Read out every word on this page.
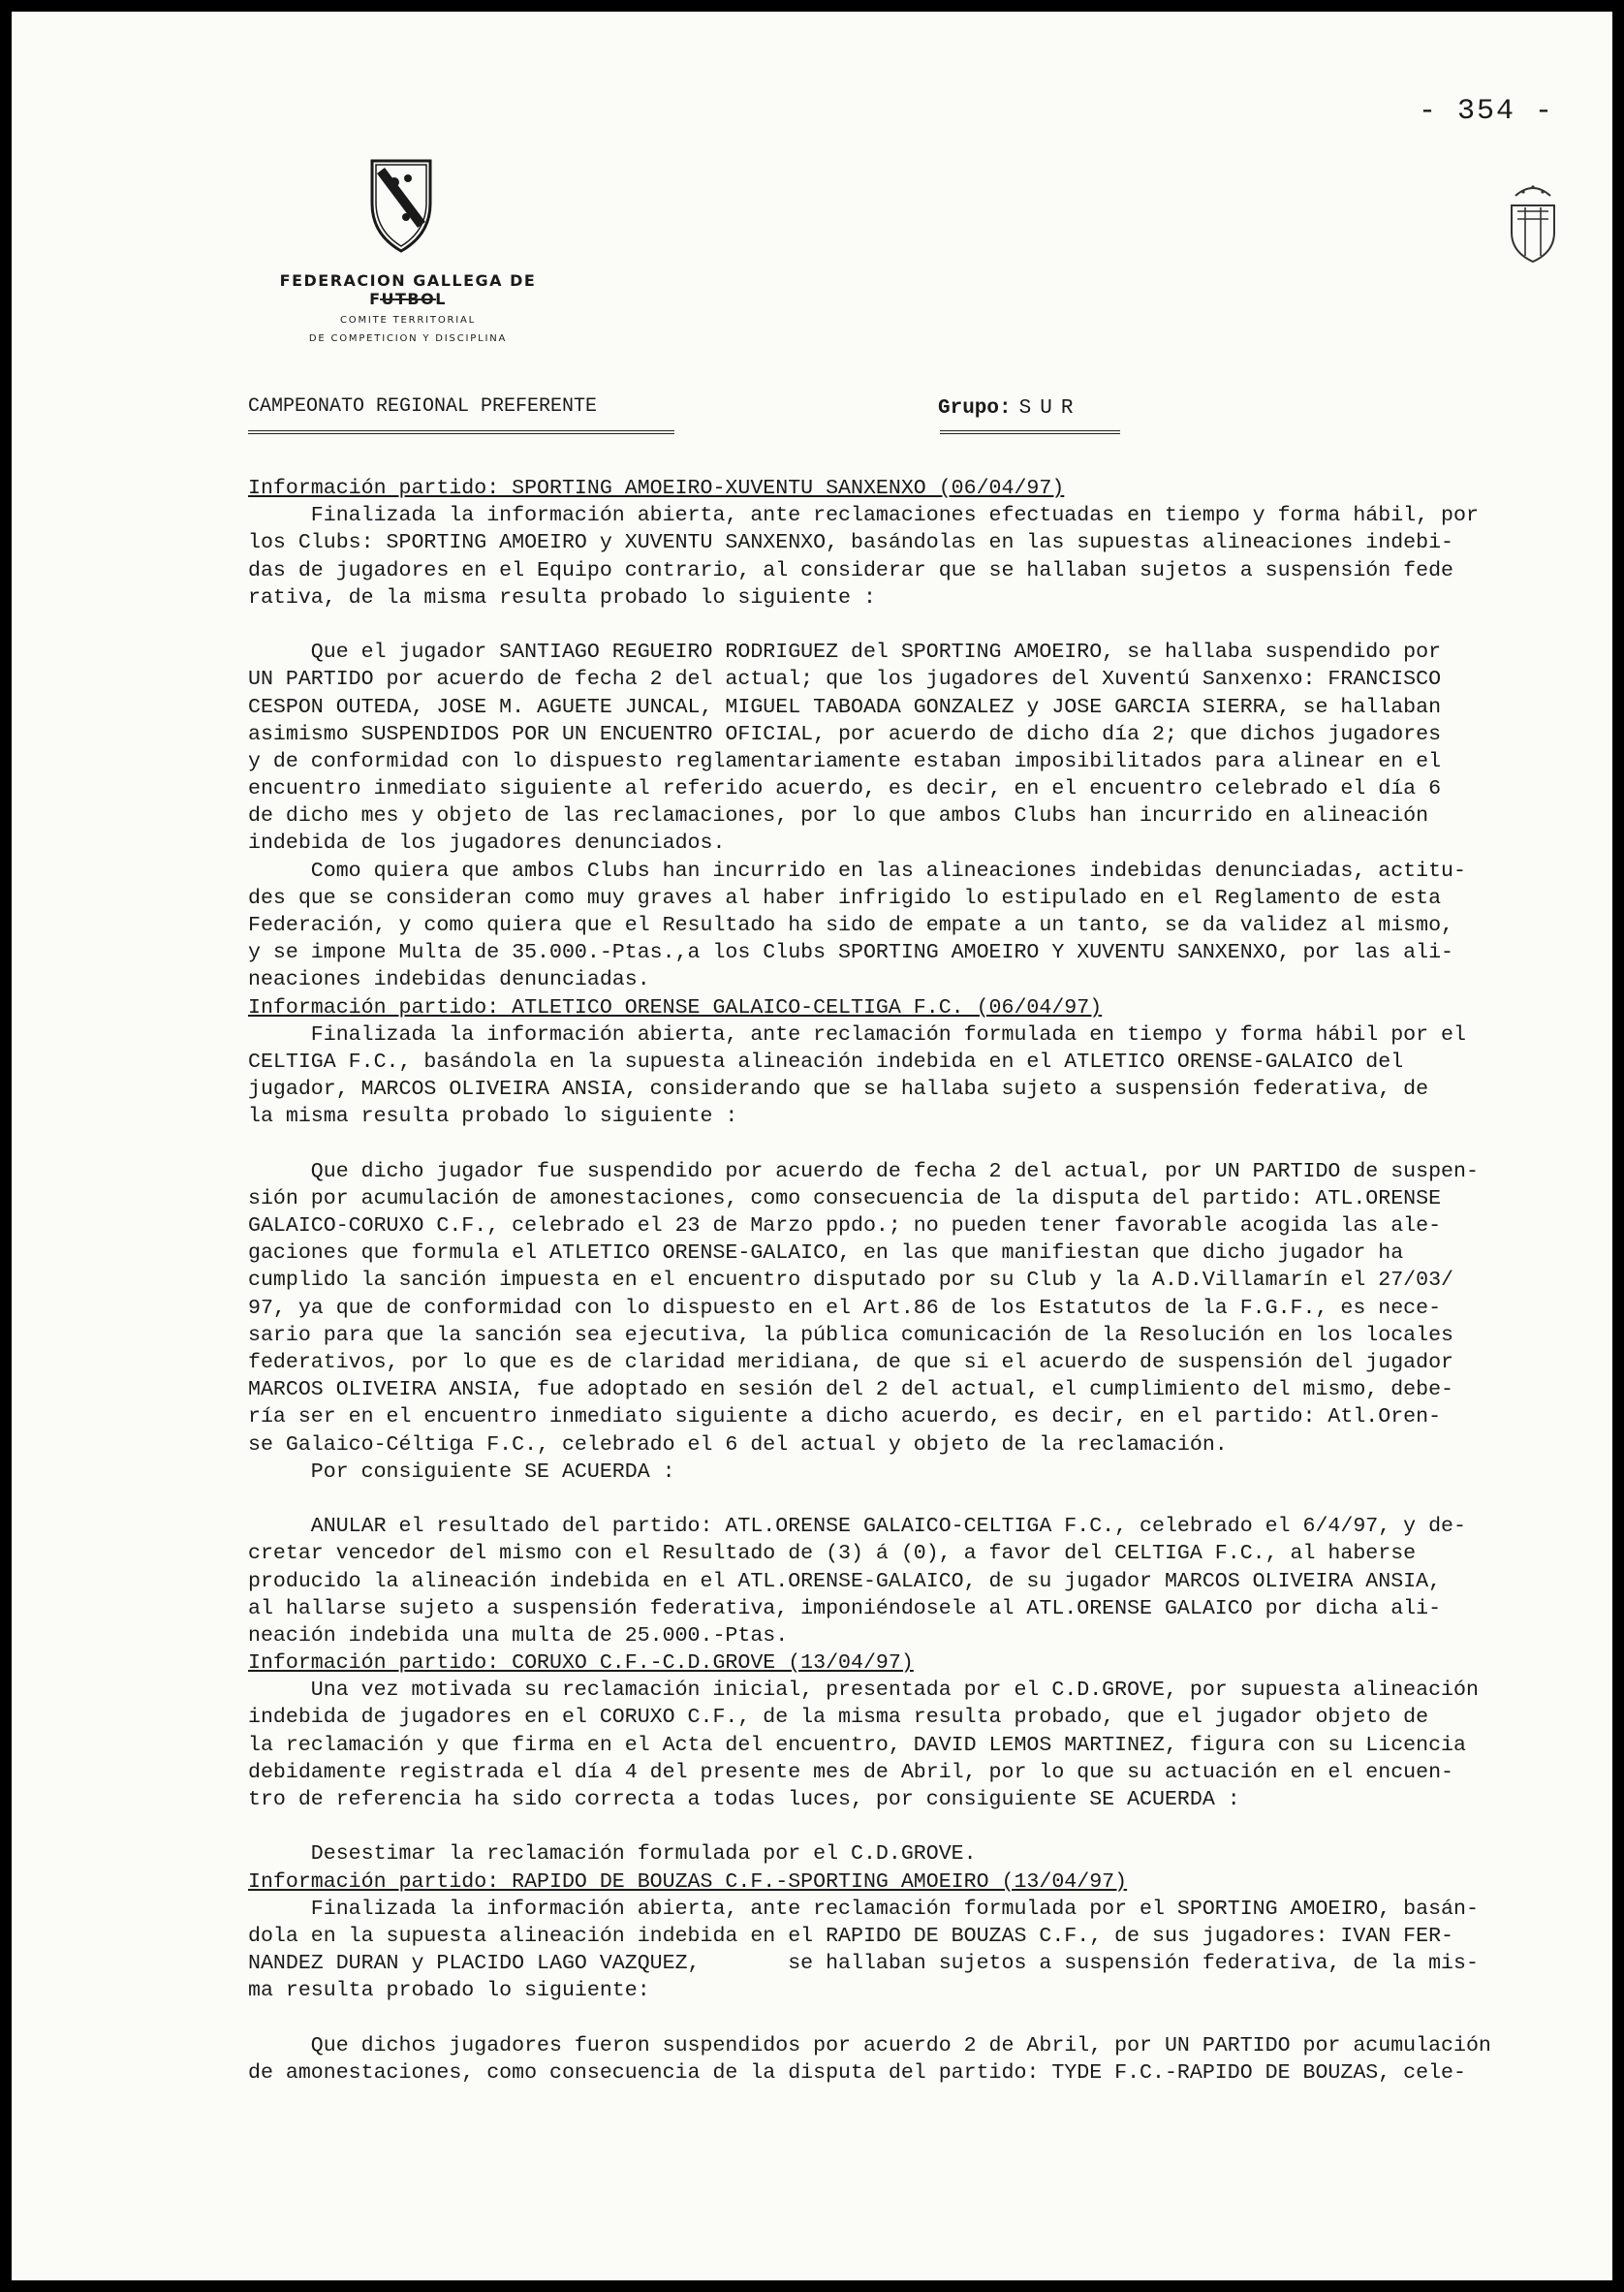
- 354 -
FEDERACION GALLEGA DE FUTBOL
COMITE TERRITORIAL
DE COMPETICION Y DISCIPLINA
CAMPEONATO REGIONAL PREFERENTE	Grupo: SUR
Información partido: SPORTING AMOEIRO-XUVENTU SANXENXO (06/04/97)
Finalizada la información abierta, ante reclamaciones efectuadas en tiempo y forma hábil, por
los Clubs: SPORTING AMOEIRO y XUVENTU SANXENXO, basándolas en las supuestas alineaciones indebi-
das de jugadores en el Equipo contrario, al considerar que se hallaban sujetos a suspensión fede
rativa, de la misma resulta probado lo siguiente :

Que el jugador SANTIAGO REGUEIRO RODRIGUEZ del SPORTING AMOEIRO, se hallaba suspendido por
UN PARTIDO por acuerdo de fecha 2 del actual; que los jugadores del Xuventú Sanxenxo: FRANCISCO
CESPON OUTEDA, JOSE M. AGUETE JUNCAL, MIGUEL TABOADA GONZALEZ y JOSE GARCIA SIERRA, se hallaban
asimismo SUSPENDIDOS POR UN ENCUENTRO OFICIAL, por acuerdo de dicho día 2; que dichos jugadores
y de conformidad con lo dispuesto reglamentariamente estaban imposibilitados para alinear en el
encuentro inmediato siguiente al referido acuerdo, es decir, en el encuentro celebrado el día 6
de dicho mes y objeto de las reclamaciones, por lo que ambos Clubs han incurrido en alineación
indebida de los jugadores denunciados.
Como quiera que ambos Clubs han incurrido en las alineaciones indebidas denunciadas, actitu-
des que se consideran como muy graves al haber infrigido lo estipulado en el Reglamento de esta
Federación, y como quiera que el Resultado ha sido de empate a un tanto, se da validez al mismo,
y se impone Multa de 35.000.-Ptas.,a los Clubs SPORTING AMOEIRO Y XUVENTU SANXENXO, por las ali-
neaciones indebidas denunciadas.
Información partido: ATLETICO ORENSE GALAICO-CELTIGA F.C. (06/04/97)
Finalizada la información abierta, ante reclamación formulada en tiempo y forma hábil por el
CELTIGA F.C., basándola en la supuesta alineación indebida en el ATLETICO ORENSE-GALAICO del
jugador, MARCOS OLIVEIRA ANSIA, considerando que se hallaba sujeto a suspensión federativa, de
la misma resulta probado lo siguiente :

Que dicho jugador fue suspendido por acuerdo de fecha 2 del actual, por UN PARTIDO de suspen-
sión por acumulación de amonestaciones, como consecuencia de la disputa del partido: ATL.ORENSE
GALAICO-CORUXO C.F., celebrado el 23 de Marzo ppdo.; no pueden tener favorable acogida las ale-
gaciones que formula el ATLETICO ORENSE-GALAICO, en las que manifiestan que dicho jugador ha
cumplido la sanción impuesta en el encuentro disputado por su Club y la A.D.Villamarín el 27/03/
97, ya que de conformidad con lo dispuesto en el Art.86 de los Estatutos de la F.G.F., es nece-
sario para que la sanción sea ejecutiva, la pública comunicación de la Resolución en los locales
federativos, por lo que es de claridad meridiana, de que si el acuerdo de suspensión del jugador
MARCOS OLIVEIRA ANSIA, fue adoptado en sesión del 2 del actual, el cumplimiento del mismo, debe-
ría ser en el encuentro inmediato siguiente a dicho acuerdo, es decir, en el partido: Atl.Oren-
se Galaico-Céltiga F.C., celebrado el 6 del actual y objeto de la reclamación.
Por consiguiente SE ACUERDA :

ANULAR el resultado del partido: ATL.ORENSE GALAICO-CELTIGA F.C., celebrado el 6/4/97, y de-
cretar vencedor del mismo con el Resultado de (3) á (0), a favor del CELTIGA F.C., al haberse
producido la alineación indebida en el ATL.ORENSE-GALAICO, de su jugador MARCOS OLIVEIRA ANSIA,
al hallarse sujeto a suspensión federativa, imponiéndosele al ATL.ORENSE GALAICO por dicha ali-
neación indebida una multa de 25.000.-Ptas.
Información partido: CORUXO C.F.-C.D.GROVE (13/04/97)
Una vez motivada su reclamación inicial, presentada por el C.D.GROVE, por supuesta alineación
indebida de jugadores en el CORUXO C.F., de la misma resulta probado, que el jugador objeto de
la reclamación y que firma en el Acta del encuentro, DAVID LEMOS MARTINEZ, figura con su Licencia
debidamente registrada el día 4 del presente mes de Abril, por lo que su actuación en el encuen-
tro de referencia ha sido correcta a todas luces, por consiguiente SE ACUERDA :

Desestimar la reclamación formulada por el C.D.GROVE.
Información partido: RAPIDO DE BOUZAS C.F.-SPORTING AMOEIRO (13/04/97)
Finalizada la información abierta, ante reclamación formulada por el SPORTING AMOEIRO, basán-
dola en la supuesta alineación indebida en el RAPIDO DE BOUZAS C.F., de sus jugadores: IVAN FER-
NANDEZ DURAN y PLACIDO LAGO VAZQUEZ,       se hallaban sujetos a suspensión federativa, de la mis-
ma resulta probado lo siguiente:

Que dichos jugadores fueron suspendidos por acuerdo 2 de Abril, por UN PARTIDO por acumulación
de amonestaciones, como consecuencia de la disputa del partido: TYDE F.C.-RAPIDO DE BOUZAS, cele-
